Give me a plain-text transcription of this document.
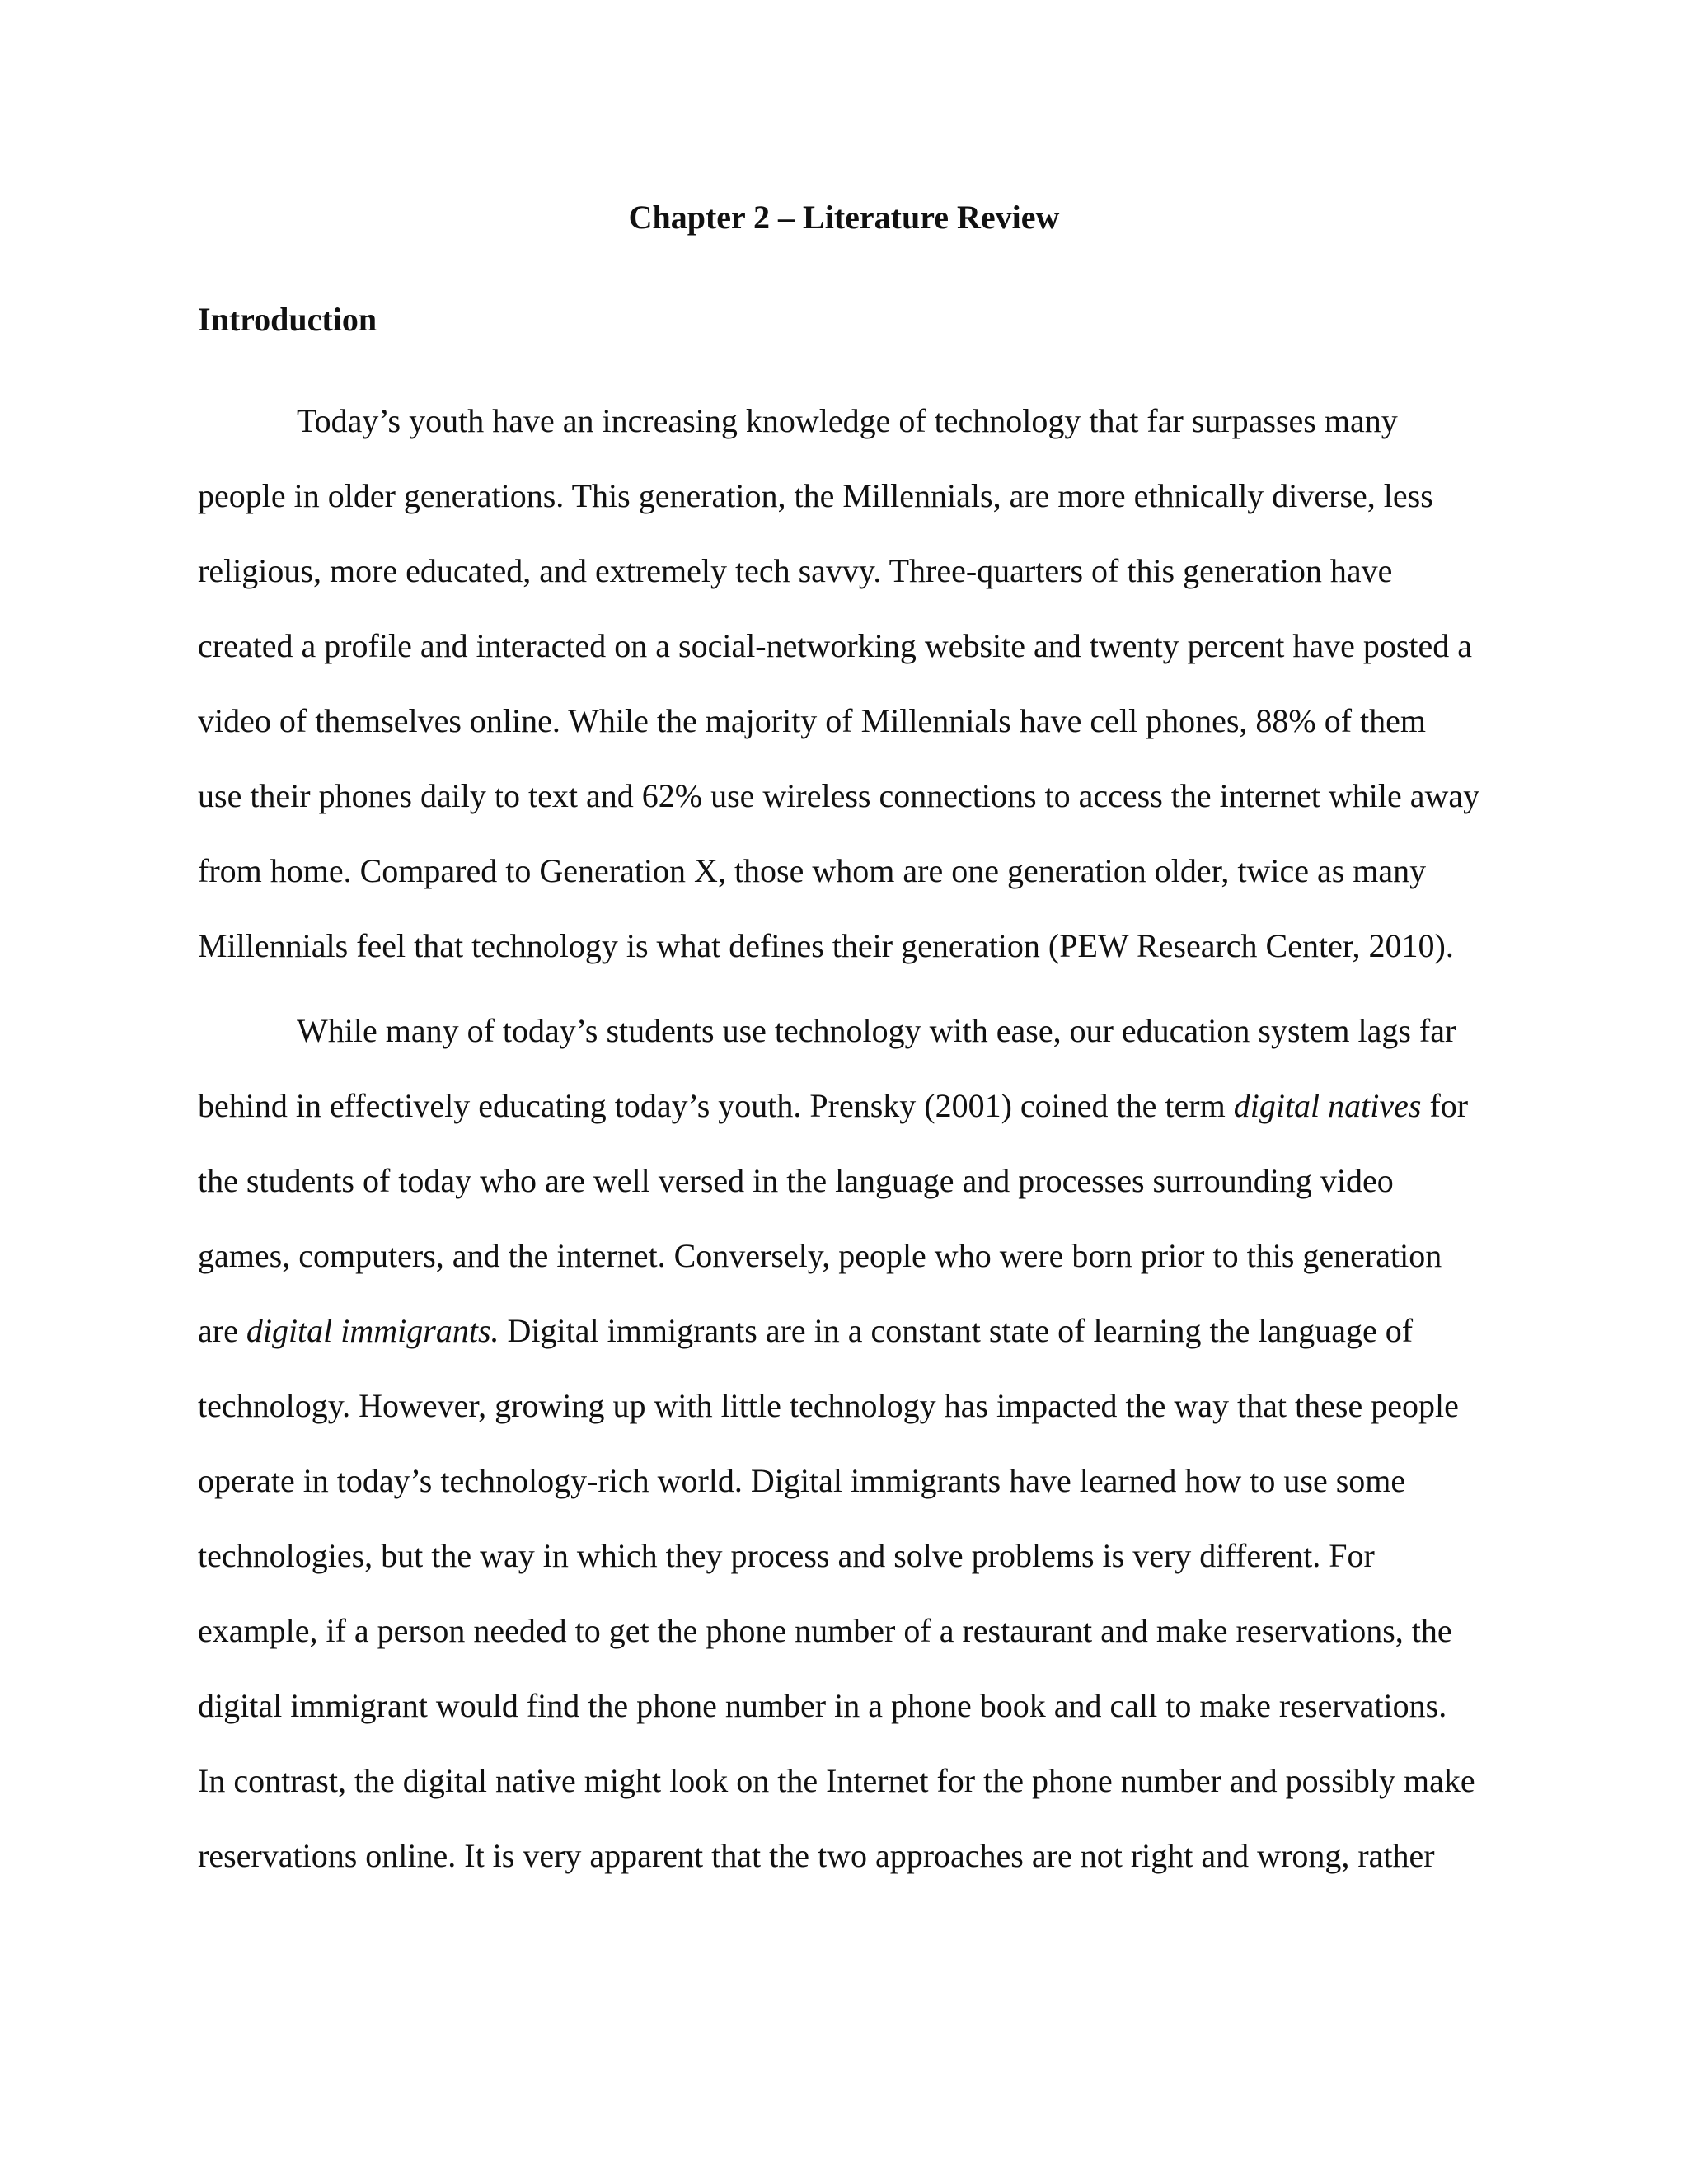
Chapter 2 – Literature Review
Introduction
Today’s youth have an increasing knowledge of technology that far surpasses many
people in older generations. This generation, the Millennials, are more ethnically diverse, less
religious, more educated, and extremely tech savvy. Three-quarters of this generation have
created a profile and interacted on a social-networking website and twenty percent have posted a
video of themselves online. While the majority of Millennials have cell phones, 88% of them
use their phones daily to text and 62% use wireless connections to access the internet while away
from home. Compared to Generation X, those whom are one generation older, twice as many
Millennials feel that technology is what defines their generation (PEW Research Center, 2010).
While many of today’s students use technology with ease, our education system lags far
behind in effectively educating today’s youth. Prensky (2001) coined the term digital natives for
the students of today who are well versed in the language and processes surrounding video
games, computers, and the internet. Conversely, people who were born prior to this generation
are digital immigrants. Digital immigrants are in a constant state of learning the language of
technology. However, growing up with little technology has impacted the way that these people
operate in today’s technology-rich world. Digital immigrants have learned how to use some
technologies, but the way in which they process and solve problems is very different. For
example, if a person needed to get the phone number of a restaurant and make reservations, the
digital immigrant would find the phone number in a phone book and call to make reservations.
In contrast, the digital native might look on the Internet for the phone number and possibly make
reservations online. It is very apparent that the two approaches are not right and wrong, rather
